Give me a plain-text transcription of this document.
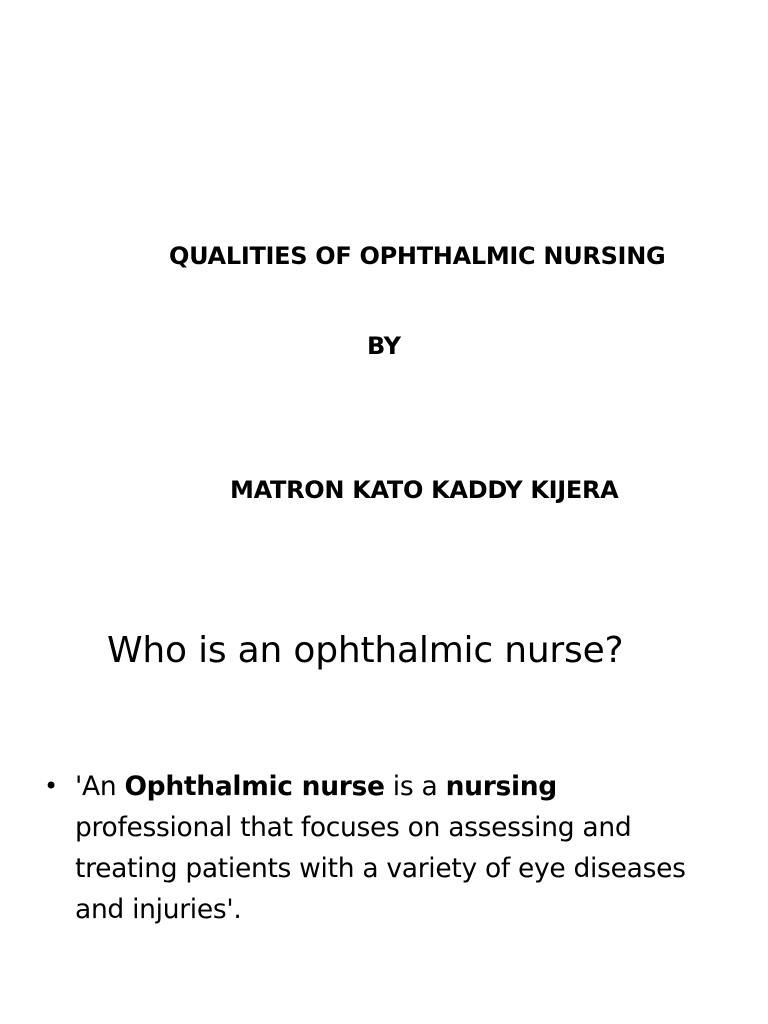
QUALITIES OF OPHTHALMIC NURSING
BY
MATRON KATO KADDY KIJERA
Who is an ophthalmic nurse?
• 'An Ophthalmic nurse is a nursing
professional that focuses on assessing and
treating patients with a variety of eye diseases
and injuries'.
